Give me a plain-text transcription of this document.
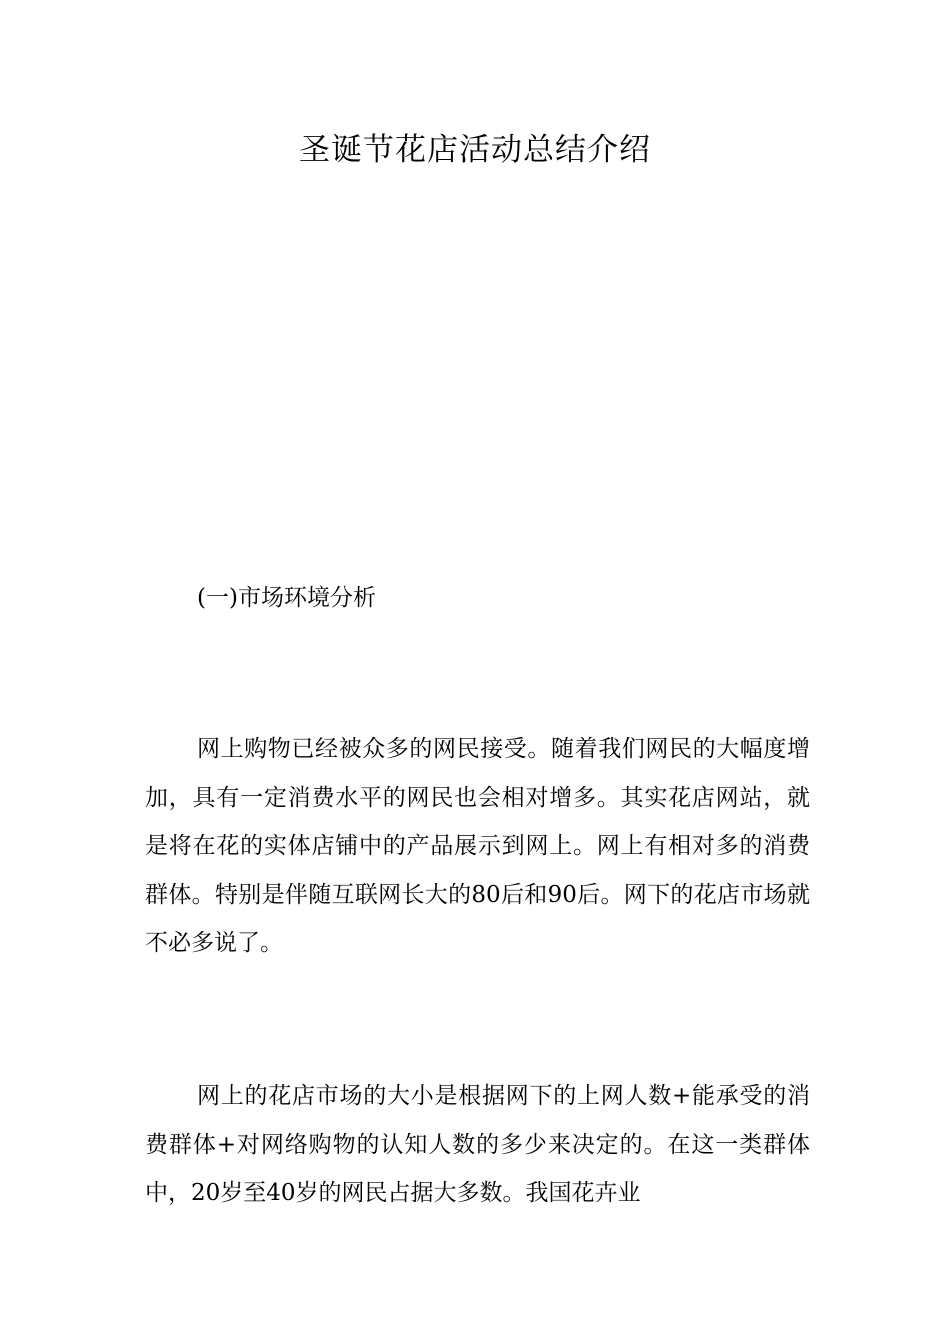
圣诞节花店活动总结介绍
(一)市场环境分析

网上购物已经被众多的网民接受。随着我们网民的大幅度增加，具有一定消费水平的网民也会相对增多。其实花店网站，就是将在花的实体店铺中的产品展示到网上。网上有相对多的消费群体。特别是伴随互联网长大的80后和90后。网下的花店市场就不必多说了。

网上的花店市场的大小是根据网下的上网人数+能承受的消费群体+对网络购物的认知人数的多少来决定的。在这一类群体中，20岁至40岁的网民占据大多数。我国花卉业
